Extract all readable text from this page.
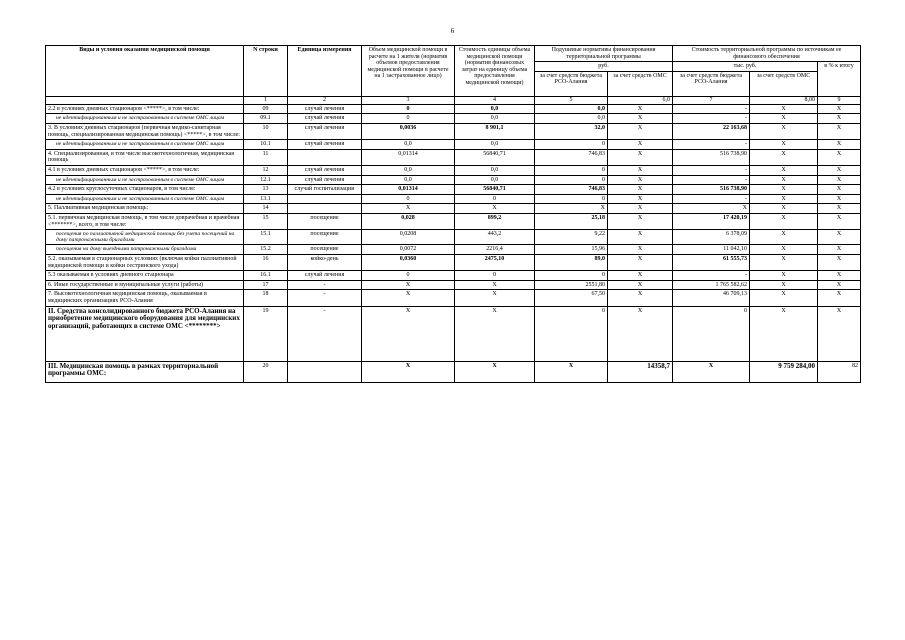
6
Виды и условия оказания медицинской помощи	N строки	Единица измерения	Объем медицинской помощи в расчете на 1 жителя (норматив объемов предоставления медицинской помощи в расчете на 1 застрахованное лицо)	Стоимость единицы объема медицинской помощи (норматив финансовых затрат на единицу объема предоставления медицинской помощи)	Подушевые нормативы финансирования территориальной программы		Стоимость территориальной программы по источникам ее финансового обеспечения		
					руб.		тыс. руб.		в % к итогу
					за счет средств бюджета РСО-Алания	за счет средств ОМС	за счет средств бюджета РСО-Алания	за счет средств ОМС	
	1	2	3	4	5	6,0	7	8,00	9
2.2 в условиях дневных стационаров <*****>, в том числе:	09	случай лечения	0	0,0	0,0	X	-	X	X
не идентифицированным и не застрахованным в системе ОМС лицам	09.1	случай лечения	0	0,0	0,0	X	-	X	X
3. В условиях дневных стационаров (первичная медико-санитарная помощь, специализированная медицинская помощь) <*****>, в том числе:	10	случай лечения	0,0036	8 901,1	32,0	X	22 163,68	X	X
не идентифицированным и не застрахованным в системе ОМС лицам	10.1	случай лечения	0,0	0,0	0	X	-	X	X
4. Специализированная, в том числе высокотехнологичная, медицинская помощь	11		0,01314	56840,71	746,83	X	516 738,90	X	X
4.1 в условиях дневных стационаров <*****>, в том числе:	12	случай лечения	0,0	0,0	0	X	-	X	X
не идентифицированным и не застрахованным в системе ОМС лицам	12.1	случай лечения	0,0	0,0	0	X	-	X	X
4.2 в условиях круглосуточных стационаров, в том числе:	13	случай госпитализации	0,01314	56840,71	746,83	X	516 738,90	X	X
не идентифицированным и не застрахованным в системе ОМС лицам	13.1		0	0	0	X	-	X	X
5. Паллиативная медицинская помощь:	14		X	X	X	X	X	X	X
5.1. первичная медицинская помощь, в том числе доврачебная и врачебная <*******>, всего, в том числе:	15	посещение	0,028	899,2	25,18	X	17 420,19	X	X
посещения по паллиативной медицинской помощи без учета посещений на дому патронажными бригадами	15.1	посещение	0,0208	443,2	9,22	X	6 378,09	X	X
посещения на дому выездными патронажными бригадами	15.2	посещение	0,0072	2216,4	15,96	X	11 042,10	X	X
5.2. оказываемая в стационарных условиях (включая койки паллиативной медицинской помощи и койки сестринского ухода)	16	койко-день	0,0360	2475,10	89,0	X	61 555,73	X	X
5.3 оказываемая в условиях дневного стационара	16.1	случай лечения	0	0	0	X	-	X	X
6. Иные государственные и муниципальные услуги (работы)	17	-	X	X	2551,80	X	1 765 582,62	X	X
7. Высокотехнологичная медицинская помощь, оказываемая в медицинских организациях РСО-Алания	18	-	X	X	67,50	X	46 709,13	X	X
II. Средства консолидированного бюджета РСО-Алания на приобретение медицинского оборудования для медицинских организаций, работающих в системе ОМС <********>	19	-	X	X	0	X	0	X	X
III. Медицинская помощь в рамках территориальной программы ОМС:	20		X	X	X	14358,7	X	9 759 284,00	82
